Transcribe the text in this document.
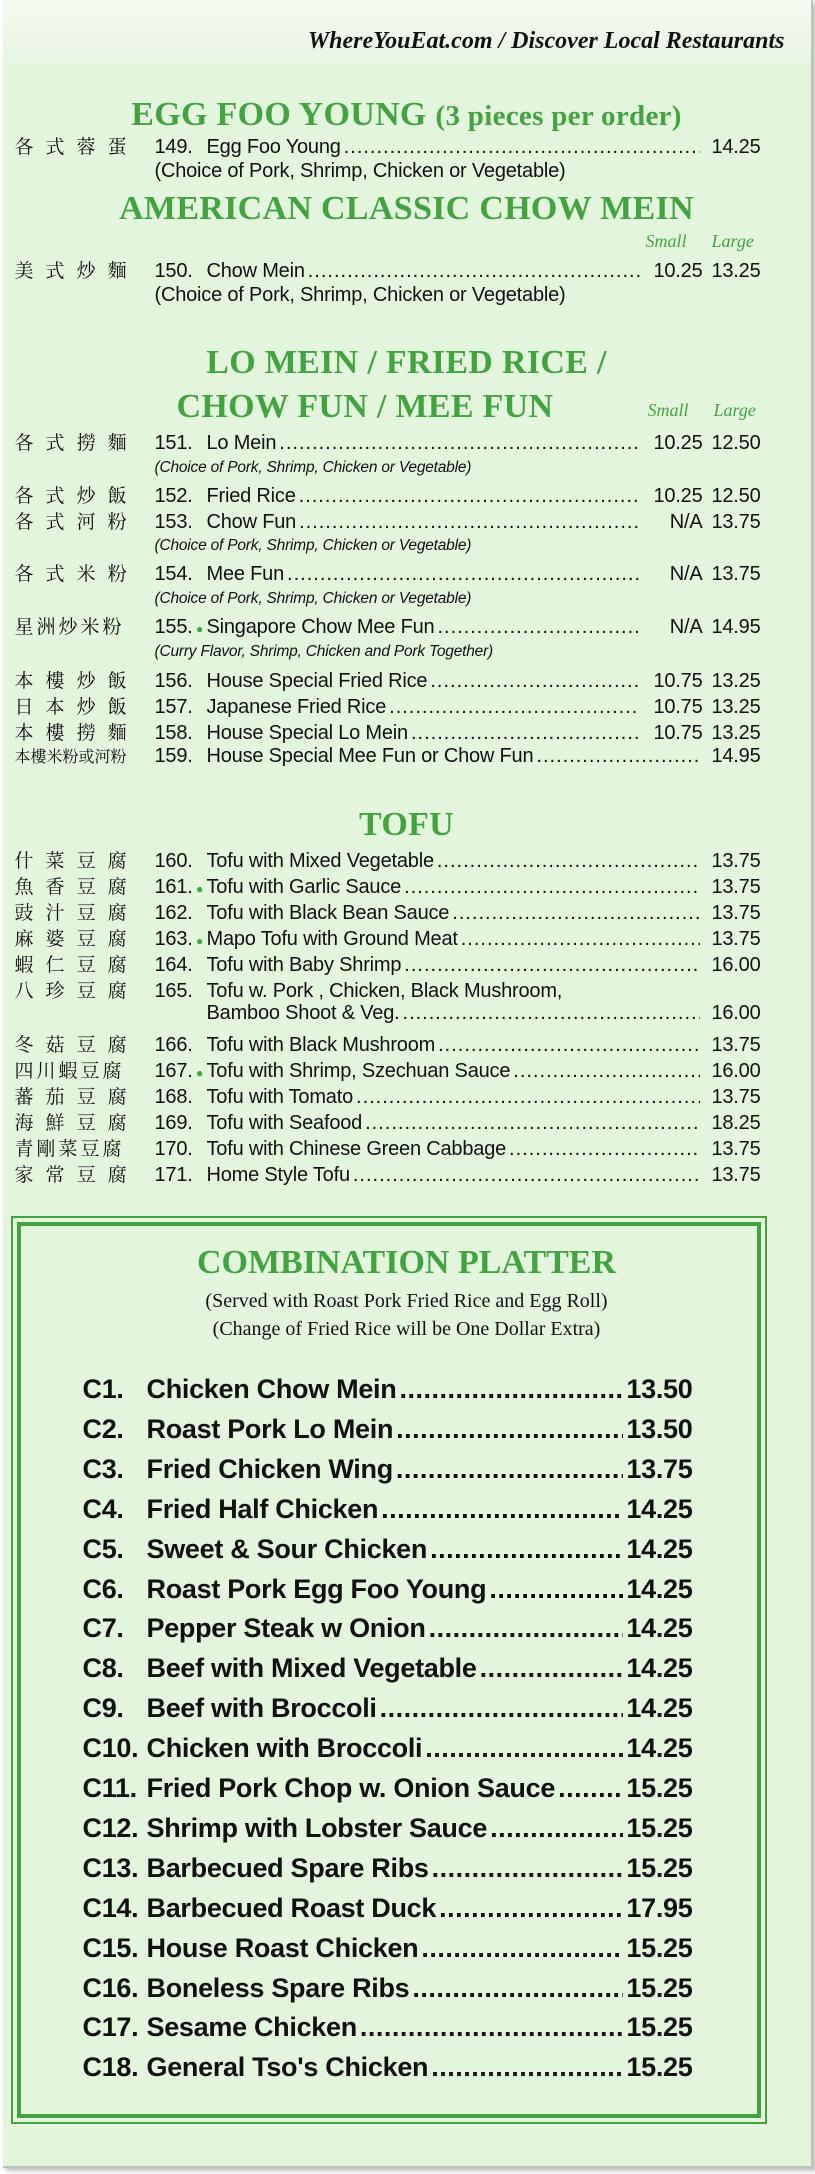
WhereYouEat.com / Discover Local Restaurants
EGG FOO YOUNG (3 pieces per order)
各 式 蓉 蛋	149. Egg Foo Young .....	14.25
(Choice of Pork, Shrimp, Chicken or Vegetable)
AMERICAN CLASSIC CHOW MEIN
Small Large
美 式 炒 麵	150. Chow Mein .....	10.25 13.25
(Choice of Pork, Shrimp, Chicken or Vegetable)
LO MEIN / FRIED RICE /
CHOW FUN / MEE FUN	Small Large
各 式 撈 麵	151. Lo Mein .....	10.25 12.50
(Choice of Pork, Shrimp, Chicken or Vegetable)
各 式 炒 飯	152. Fried Rice .....	10.25 12.50
各 式 河 粉	153. Chow Fun .....	N/A 13.75
(Choice of Pork, Shrimp, Chicken or Vegetable)
各 式 米 粉	154. Mee Fun .....	N/A 13.75
(Choice of Pork, Shrimp, Chicken or Vegetable)
星洲炒米粉	155. ● Singapore Chow Mee Fun .....	N/A 14.95
(Curry Flavor, Shrimp, Chicken and Pork Together)
本 樓 炒 飯	156. House Special Fried Rice .....	10.75 13.25
日 本 炒 飯	157. Japanese Fried Rice .....	10.75 13.25
本 樓 撈 麵	158. House Special Lo Mein .....	10.75 13.25
本樓米粉或河粉	159. House Special Mee Fun or Chow Fun .....	14.95
TOFU
什 菜 豆 腐	160. Tofu with Mixed Vegetable .....	13.75
魚 香 豆 腐	161. ● Tofu with Garlic Sauce .....	13.75
豉 汁 豆 腐	162. Tofu with Black Bean Sauce .....	13.75
麻 婆 豆 腐	163. ● Mapo Tofu with Ground Meat .....	13.75
蝦 仁 豆 腐	164. Tofu with Baby Shrimp .....	16.00
八 珍 豆 腐	165. Tofu w. Pork , Chicken, Black Mushroom,
Bamboo Shoot & Veg. .....	16.00
冬 菇 豆 腐	166. Tofu with Black Mushroom .....	13.75
四川蝦豆腐	167. ● Tofu with Shrimp, Szechuan Sauce .....	16.00
蕃 茄 豆 腐	168. Tofu with Tomato .....	13.75
海 鮮 豆 腐	169. Tofu with Seafood .....	18.25
青剛菜豆腐	170. Tofu with Chinese Green Cabbage .....	13.75
家 常 豆 腐	171. Home Style Tofu .....	13.75
COMBINATION PLATTER
(Served with Roast Pork Fried Rice and Egg Roll)
(Change of Fried Rice will be One Dollar Extra)
C1. Chicken Chow Mein .....	13.50
C2. Roast Pork Lo Mein .....	13.50
C3. Fried Chicken Wing .....	13.75
C4. Fried Half Chicken .....	14.25
C5. Sweet & Sour Chicken .....	14.25
C6. Roast Pork Egg Foo Young .....	14.25
C7. Pepper Steak w Onion .....	14.25
C8. Beef with Mixed Vegetable .....	14.25
C9. Beef with Broccoli .....	14.25
C10. Chicken with Broccoli .....	14.25
C11. Fried Pork Chop w. Onion Sauce .....	15.25
C12. Shrimp with Lobster Sauce .....	15.25
C13. Barbecued Spare Ribs .....	15.25
C14. Barbecued Roast Duck .....	17.95
C15. House Roast Chicken .....	15.25
C16. Boneless Spare Ribs .....	15.25
C17. Sesame Chicken .....	15.25
C18. General Tso's Chicken .....	15.25
